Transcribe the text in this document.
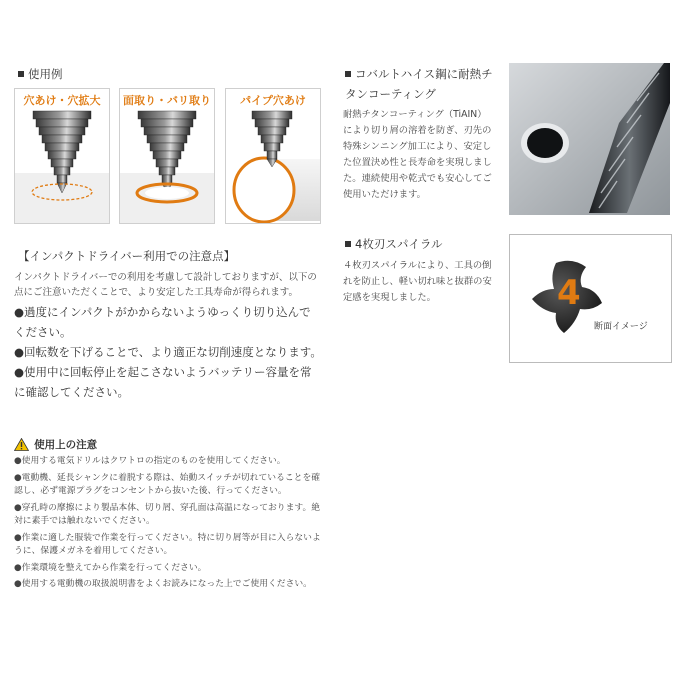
使用例
穴あけ・穴拡大	面取り・バリ取り	パイプ穴あけ
【インパクトドライバー利用での注意点】
インパクトドライバーでの利用を考慮して設計しておりますが、以下の点にご注意いただくことで、より安定した工具寿命が得られます。
●過度にインパクトがかからないようゆっくり切り込んでください。
●回転数を下げることで、より適正な切削速度となります。
●使用中に回転停止を起こさないようバッテリー容量を常に確認してください。
使用上の注意
●使用する電気ドリルはクワトロの指定のものを使用してください。
●電動機、延長シャンクに着脱する際は、始動スイッチが切れていることを確認し、必ず電源プラグをコンセントから抜いた後、行ってください。
●穿孔時の摩擦により製品本体、切り屑、穿孔面は高温になっております。絶対に素手では触れないでください。
●作業に適した服装で作業を行ってください。特に切り屑等が目に入らないように、保護メガネを着用してください。
●作業環境を整えてから作業を行ってください。
●使用する電動機の取扱説明書をよくお読みになった上でご使用ください。
コバルトハイス鋼に耐熱チタンコーティング
耐熱チタンコーティング（TiAIN）により切り屑の溶着を防ぎ、刃先の特殊シンニング加工により、安定した位置決め性と長寿命を実現しました。連続使用や乾式でも安心してご使用いただけます。
4枚刃スパイラル
４枚刃スパイラルにより、工具の倒れを防止し、軽い切れ味と抜群の安定感を実現しました。	4
断面イメージ
